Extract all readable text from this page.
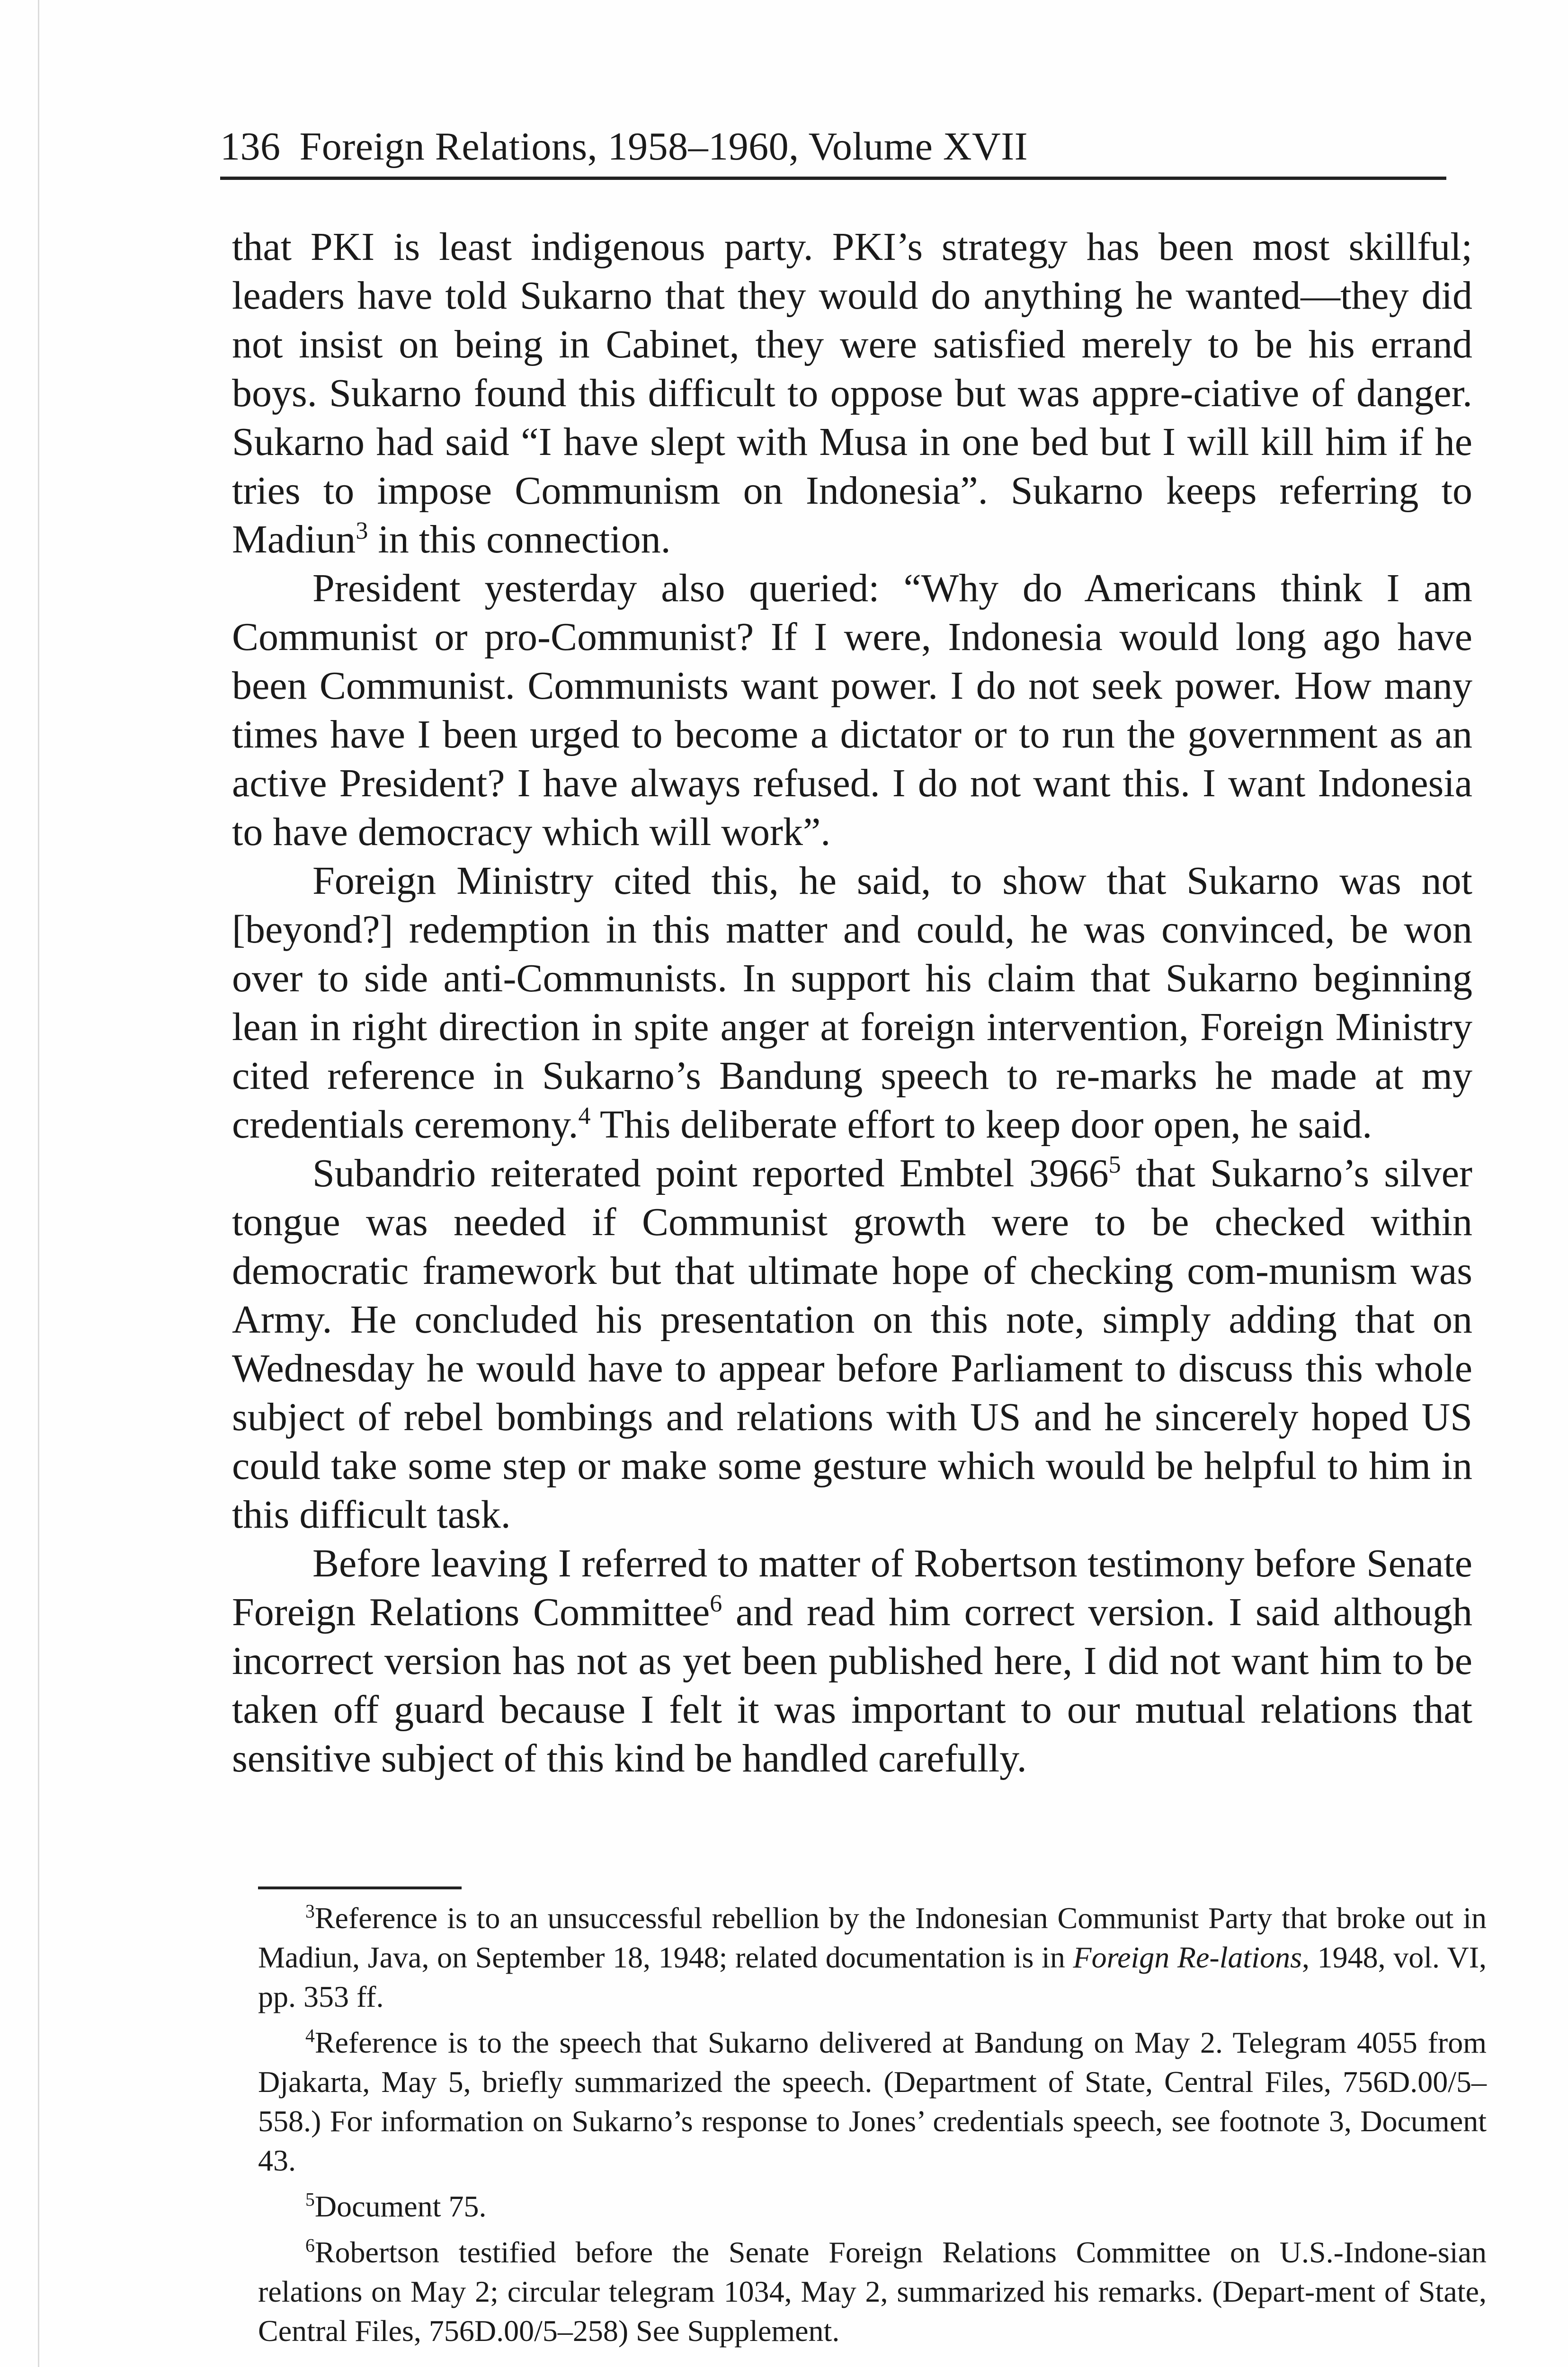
136 Foreign Relations, 1958–1960, Volume XVII

that PKI is least indigenous party. PKI’s strategy has been most skillful; leaders have told Sukarno that they would do anything he wanted—they did not insist on being in Cabinet, they were satisfied merely to be his errand boys. Sukarno found this difficult to oppose but was appre-ciative of danger. Sukarno had said “I have slept with Musa in one bed but I will kill him if he tries to impose Communism on Indonesia”. Sukarno keeps referring to Madiun$^3$ in this connection.

President yesterday also queried: “Why do Americans think I am Communist or pro-Communist? If I were, Indonesia would long ago have been Communist. Communists want power. I do not seek power. How many times have I been urged to become a dictator or to run the government as an active President? I have always refused. I do not want this. I want Indonesia to have democracy which will work”.

Foreign Ministry cited this, he said, to show that Sukarno was not [beyond?] redemption in this matter and could, he was convinced, be won over to side anti-Communists. In support his claim that Sukarno beginning lean in right direction in spite anger at foreign intervention, Foreign Ministry cited reference in Sukarno’s Bandung speech to re-marks he made at my credentials ceremony.$^4$ This deliberate effort to keep door open, he said.

Subandrio reiterated point reported Embtel 3966$^5$ that Sukarno’s silver tongue was needed if Communist growth were to be checked within democratic framework but that ultimate hope of checking com-munism was Army. He concluded his presentation on this note, simply adding that on Wednesday he would have to appear before Parliament to discuss this whole subject of rebel bombings and relations with US and he sincerely hoped US could take some step or make some gesture which would be helpful to him in this difficult task.

Before leaving I referred to matter of Robertson testimony before Senate Foreign Relations Committee$^6$ and read him correct version. I said although incorrect version has not as yet been published here, I did not want him to be taken off guard because I felt it was important to our mutual relations that sensitive subject of this kind be handled carefully.

$^3$Reference is to an unsuccessful rebellion by the Indonesian Communist Party that broke out in Madiun, Java, on September 18, 1948; related documentation is in Foreign Re-lations, 1948, vol. VI, pp. 353 ff.

$^4$Reference is to the speech that Sukarno delivered at Bandung on May 2. Telegram 4055 from Djakarta, May 5, briefly summarized the speech. (Department of State, Central Files, 756D.00/5–558.) For information on Sukarno’s response to Jones’ credentials speech, see footnote 3, Document 43.

$^5$Document 75.

$^6$Robertson testified before the Senate Foreign Relations Committee on U.S.-Indone-sian relations on May 2; circular telegram 1034, May 2, summarized his remarks. (Depart-ment of State, Central Files, 756D.00/5–258) See Supplement.
